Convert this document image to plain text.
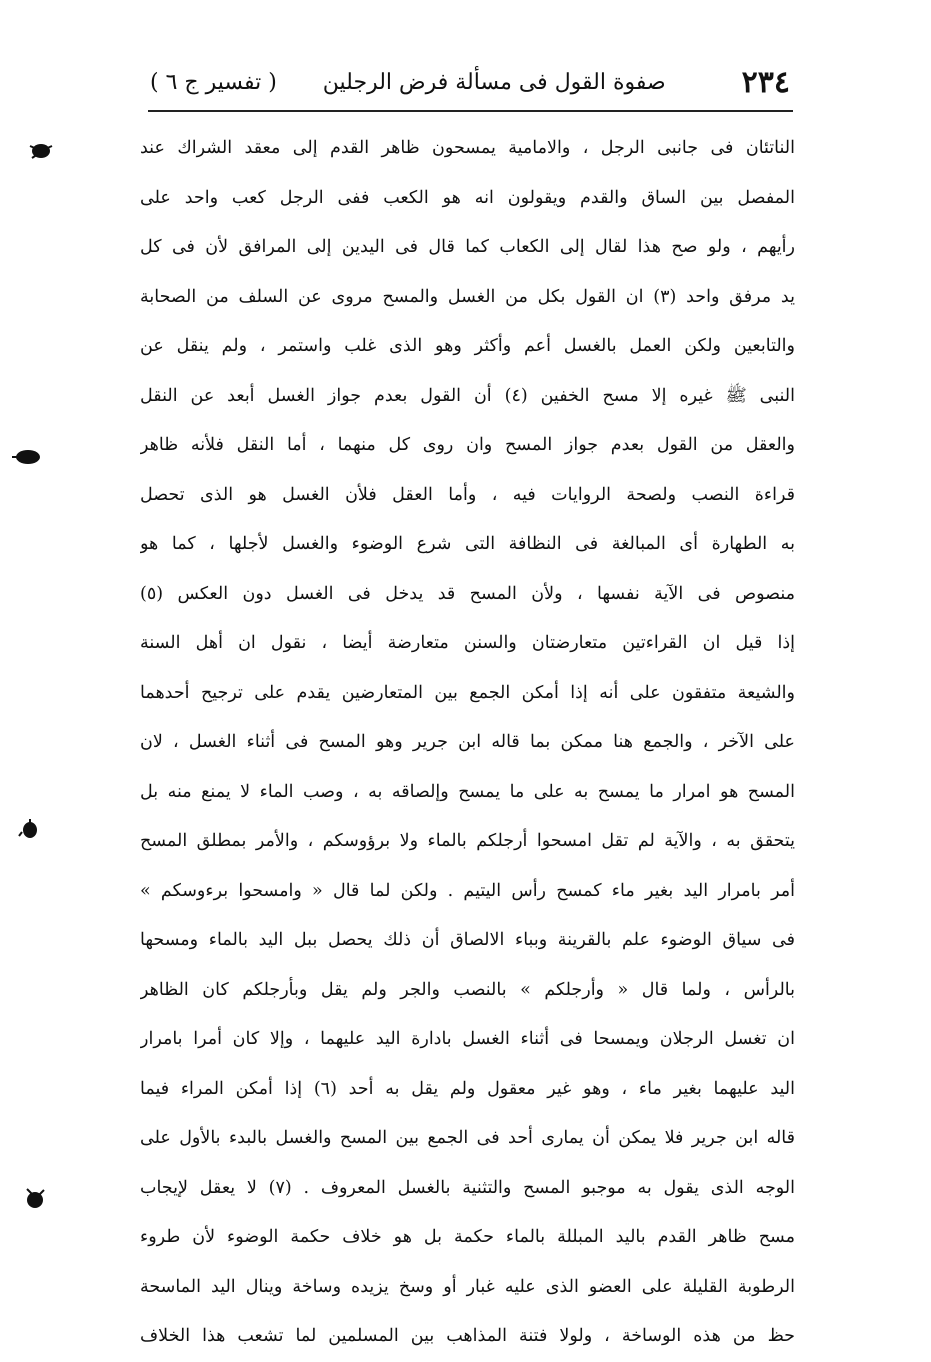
٢٣٤
صفوة القول فى مسألة فرض الرجلين
( تفسير ج ٦ )
الناتئان فى جانبى الرجل ، والامامية يمسحون ظاهر القدم إلى معقد الشراك عند
المفصل بين الساق والقدم ويقولون انه هو الكعب ففى الرجل كعب واحد على
رأيهم ، ولو صح هذا لقال إلى الكعاب كما قال فى اليدين إلى المرافق لأن فى كل
يد مرفق واحد (٣) ان القول بكل من الغسل والمسح مروى عن السلف من الصحابة
والتابعين ولكن العمل بالغسل أعم وأكثر وهو الذى غلب واستمر ، ولم ينقل عن
النبى ﷺ غيره إلا مسح الخفين (٤) أن القول بعدم جواز الغسل أبعد عن النقل
والعقل من القول بعدم جواز المسح وان روى كل منهما ، أما النقل فلأنه ظاهر
قراءة النصب ولصحة الروايات فيه ، وأما العقل فلأن الغسل هو الذى تحصل
به الطهارة أى المبالغة فى النظافة التى شرع الوضوء والغسل لأجلها ، كما هو
منصوص فى الآية نفسها ، ولأن المسح قد يدخل فى الغسل دون العكس (٥)
إذا قيل ان القراءتين متعارضتان والسنن متعارضة أيضا ، نقول ان أهل السنة
والشيعة متفقون على أنه إذا أمكن الجمع بين المتعارضين يقدم على ترجيح أحدهما
على الآخر ، والجمع هنا ممكن بما قاله ابن جرير وهو المسح فى أثناء الغسل ، لان
المسح هو امرار ما يمسح به على ما يمسح وإلصاقه به ، وصب الماء لا يمنع منه بل
يتحقق به ، والآية لم تقل امسحوا أرجلكم بالماء ولا برؤوسكم ، والأمر بمطلق المسح
أمر بامرار اليد بغير ماء كمسح رأس اليتيم . ولكن لما قال « وامسحوا برءوسكم »
فى سياق الوضوء علم بالقرينة وبباء الالصاق أن ذلك يحصل ببل اليد بالماء ومسحها
بالرأس ، ولما قال « وأرجلكم » بالنصب والجر ولم يقل وبأرجلكم كان الظاهر
ان تغسل الرجلان ويمسحا فى أثناء الغسل بادارة اليد عليهما ، وإلا كان أمرا بامرار
اليد عليهما بغير ماء ، وهو غير معقول ولم يقل به أحد (٦) إذا أمكن المراء فيما
قاله ابن جرير فلا يمكن أن يمارى أحد فى الجمع بين المسح والغسل بالبدء بالأول على
الوجه الذى يقول به موجبو المسح والتثنية بالغسل المعروف . (٧) لا يعقل لإيجاب
مسح ظاهر القدم باليد المبللة بالماء حكمة بل هو خلاف حكمة الوضوء لأن طروء
الرطوبة القليلة على العضو الذى عليه غبار أو وسخ يزيده وساخة وينال اليد الماسحة
حظ من هذه الوساخة ، ولولا فتنة المذاهب بين المسلمين لما تشعب هذا الخلاف
